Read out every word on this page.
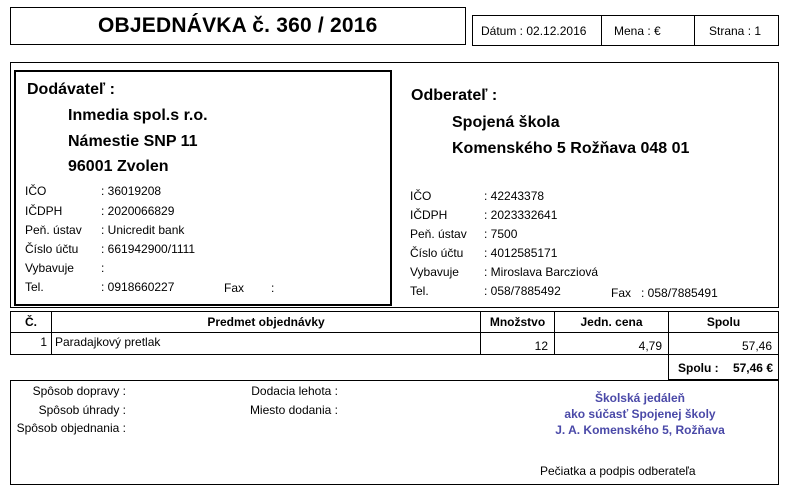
OBJEDNÁVKA č. 360 / 2016	Dátum : 02.12.2016 Mena : €	Strana : 1
Dodávateľ :
Inmedia spol.s r.o.
Námestie SNP 11
96001 Zvolen
IČO	: 36019208
IČDPH	: 2020066829
Peň. ústav : Unicredit bank
Číslo účtu : 661942900/1111
Vybavuje :
Tel.	: 0918660227	Fax :
Odberateľ :
Spojená škola
Komenského 5 Rožňava 048 01
IČO	: 42243378
IČDPH	: 2023332641
Peň. ústav : 7500
Číslo účtu : 4012585171
Vybavuje : Miroslava Barcziová
Tel.	: 058/7885492	Fax : 058/7885491
Č.	Predmet objednávky	Množstvo	Jedn. cena	Spolu
1 Paradajkový pretlak	12	4,79	57,46
Spolu :	57,46 €
Spôsob dopravy :
Spôsob úhrady :
Spôsob objednania :
Dodacia lehota :
Miesto dodania :
Školská jedáleň
ako súčasť Spojenej školy
J. A. Komenského 5, Rožňava
Pečiatka a podpis odberateľa
